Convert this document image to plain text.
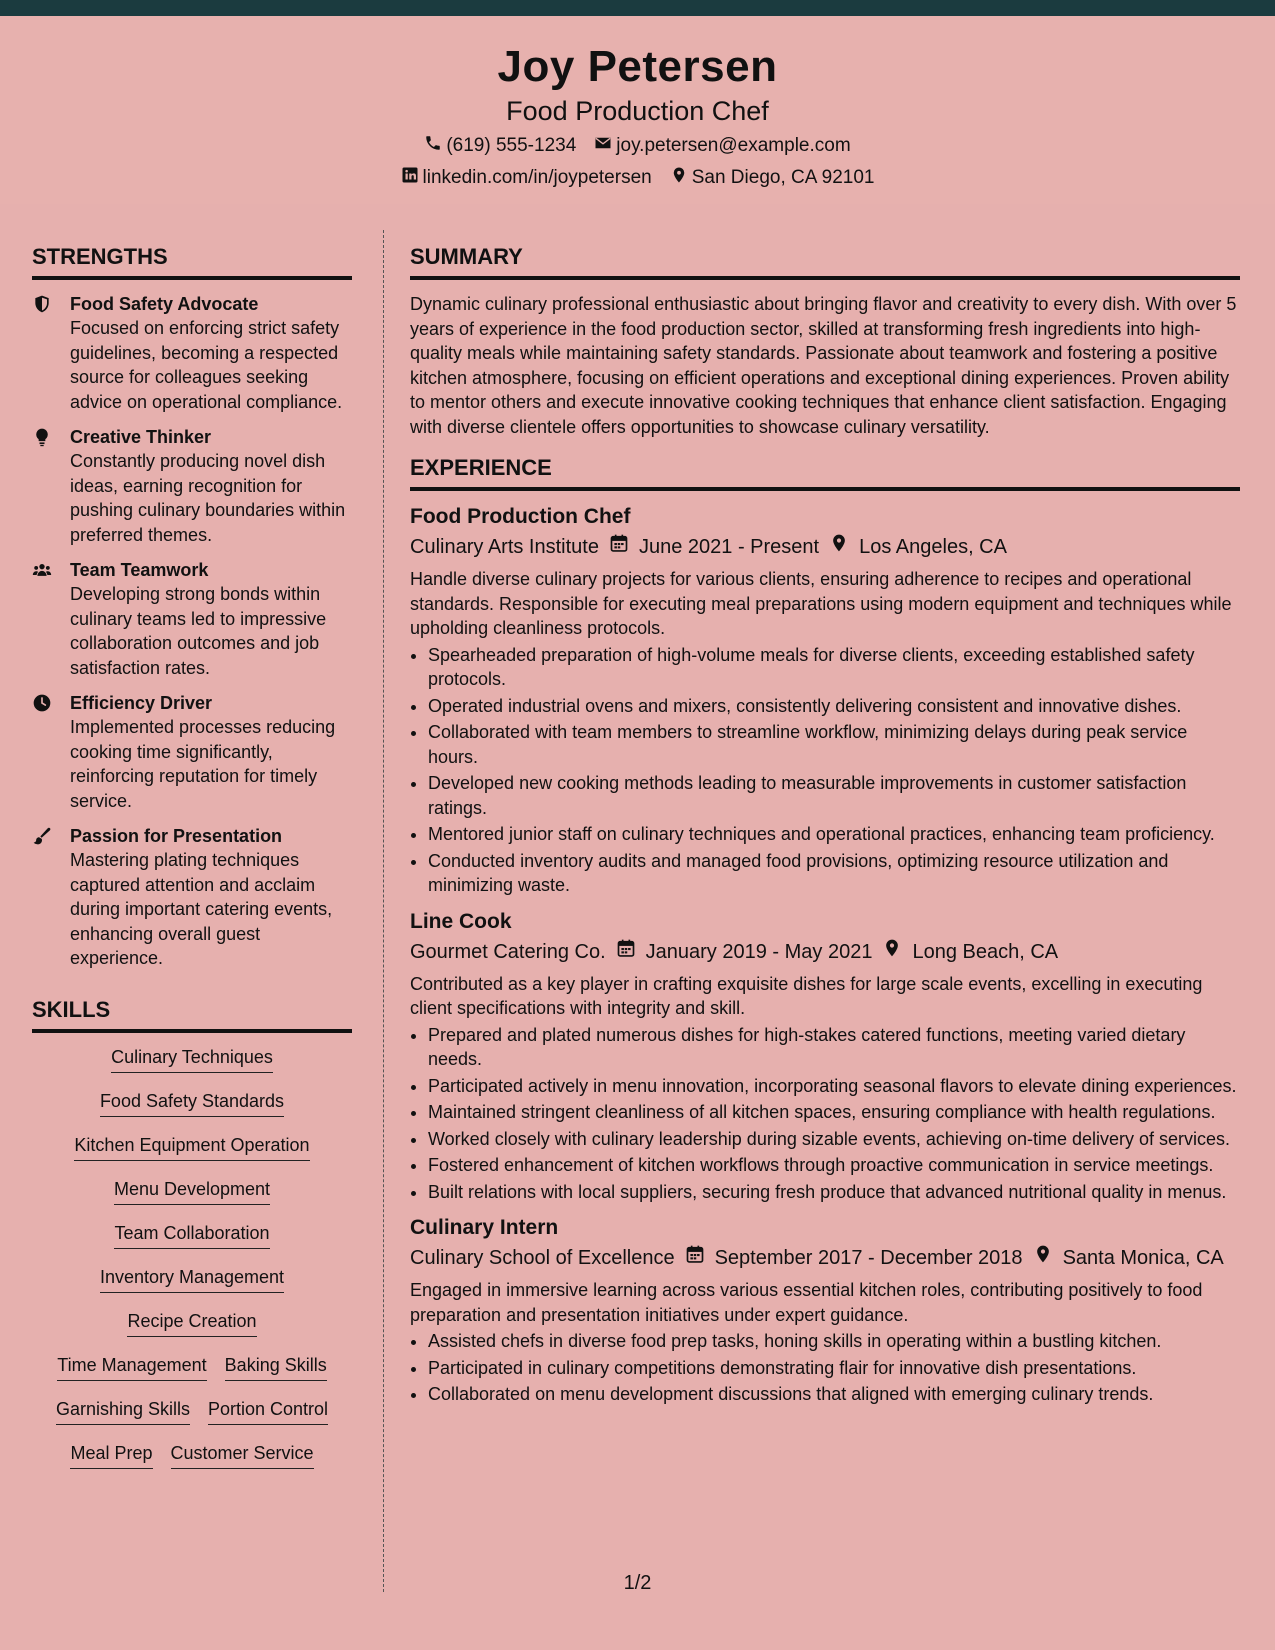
Joy Petersen
Food Production Chef
(619) 555-1234 joy.petersen@example.com
linkedin.com/in/joypetersen San Diego, CA 92101
STRENGTHS
Food Safety Advocate
Focused on enforcing strict safety guidelines, becoming a respected source for colleagues seeking advice on operational compliance.
Creative Thinker
Constantly producing novel dish ideas, earning recognition for pushing culinary boundaries within preferred themes.
Team Teamwork
Developing strong bonds within culinary teams led to impressive collaboration outcomes and job satisfaction rates.
Efficiency Driver
Implemented processes reducing cooking time significantly, reinforcing reputation for timely service.
Passion for Presentation
Mastering plating techniques captured attention and acclaim during important catering events, enhancing overall guest experience.
SKILLS
Culinary Techniques
Food Safety Standards
Kitchen Equipment Operation
Menu Development
Team Collaboration
Inventory Management
Recipe Creation
Time Management Baking Skills
Garnishing Skills Portion Control
Meal Prep Customer Service
SUMMARY
Dynamic culinary professional enthusiastic about bringing flavor and creativity to every dish. With over 5 years of experience in the food production sector, skilled at transforming fresh ingredients into high-quality meals while maintaining safety standards. Passionate about teamwork and fostering a positive kitchen atmosphere, focusing on efficient operations and exceptional dining experiences. Proven ability to mentor others and execute innovative cooking techniques that enhance client satisfaction. Engaging with diverse clientele offers opportunities to showcase culinary versatility.
EXPERIENCE
Food Production Chef
Culinary Arts Institute June 2021 - Present Los Angeles, CA
Handle diverse culinary projects for various clients, ensuring adherence to recipes and operational standards. Responsible for executing meal preparations using modern equipment and techniques while upholding cleanliness protocols.
• Spearheaded preparation of high-volume meals for diverse clients, exceeding established safety protocols.
• Operated industrial ovens and mixers, consistently delivering consistent and innovative dishes.
• Collaborated with team members to streamline workflow, minimizing delays during peak service hours.
• Developed new cooking methods leading to measurable improvements in customer satisfaction ratings.
• Mentored junior staff on culinary techniques and operational practices, enhancing team proficiency.
• Conducted inventory audits and managed food provisions, optimizing resource utilization and minimizing waste.
Line Cook
Gourmet Catering Co. January 2019 - May 2021 Long Beach, CA
Contributed as a key player in crafting exquisite dishes for large scale events, excelling in executing client specifications with integrity and skill.
• Prepared and plated numerous dishes for high-stakes catered functions, meeting varied dietary needs.
• Participated actively in menu innovation, incorporating seasonal flavors to elevate dining experiences.
• Maintained stringent cleanliness of all kitchen spaces, ensuring compliance with health regulations.
• Worked closely with culinary leadership during sizable events, achieving on-time delivery of services.
• Fostered enhancement of kitchen workflows through proactive communication in service meetings.
• Built relations with local suppliers, securing fresh produce that advanced nutritional quality in menus.
Culinary Intern
Culinary School of Excellence September 2017 - December 2018 Santa Monica, CA
Engaged in immersive learning across various essential kitchen roles, contributing positively to food preparation and presentation initiatives under expert guidance.
• Assisted chefs in diverse food prep tasks, honing skills in operating within a bustling kitchen.
• Participated in culinary competitions demonstrating flair for innovative dish presentations.
• Collaborated on menu development discussions that aligned with emerging culinary trends.
1/2
